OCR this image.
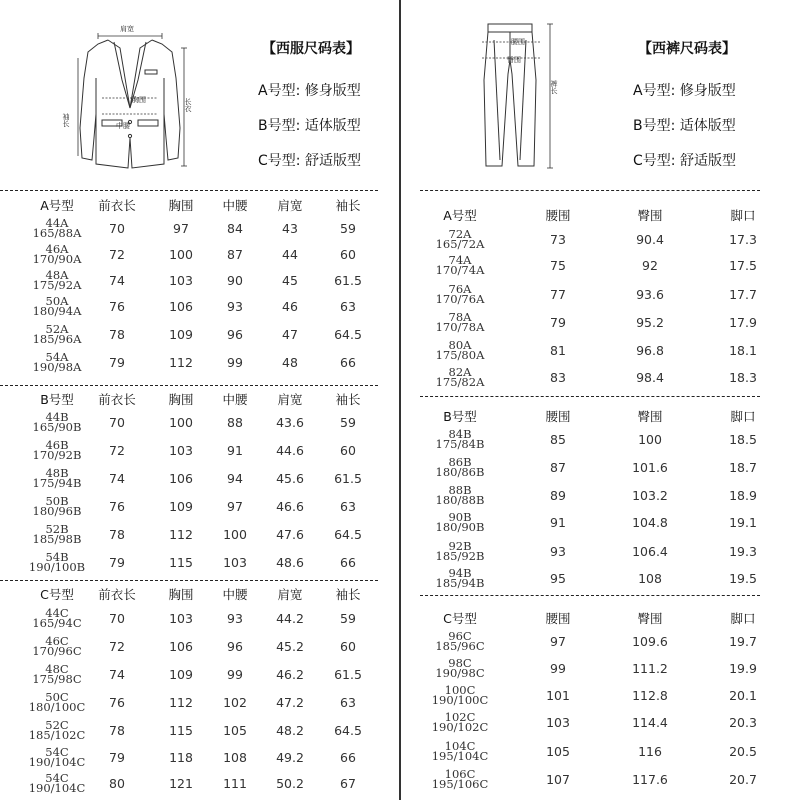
肩宽
袖长
长衣
胸围
中腰
腰围
臀围
裤长
【西服尺码表】
A号型: 修身版型
B号型: 适体版型
C号型: 舒适版型
【西裤尺码表】
A号型: 修身版型
B号型: 适体版型
C号型: 舒适版型
A号型	前衣长	胸围	中腰	肩宽	袖长
44A
165/88A	70	97	84	43	59
46A
170/90A	72	100	87	44	60
48A
175/92A	74	103	90	45	61.5
50A
180/94A	76	106	93	46	63
52A
185/96A	78	109	96	47	64.5
54A
190/98A	79	112	99	48	66
B号型	前衣长	胸围	中腰	肩宽	袖长
44B
165/90B	70	100	88	43.6	59
46B
170/92B	72	103	91	44.6	60
48B
175/94B	74	106	94	45.6	61.5
50B
180/96B	76	109	97	46.6	63
52B
185/98B	78	112	100	47.6	64.5
54B
190/100B	79	115	103	48.6	66
C号型	前衣长	胸围	中腰	肩宽	袖长
44C
165/94C	70	103	93	44.2	59
46C
170/96C	72	106	96	45.2	60
48C
175/98C	74	109	99	46.2	61.5
50C
180/100C	76	112	102	47.2	63
52C
185/102C	78	115	105	48.2	64.5
54C
190/104C	79	118	108	49.2	66
54C
190/104C	80	121	111	50.2	67
A号型	腰围	臀围	脚口
72A
165/72A	73	90.4	17.3
74A
170/74A	75	92	17.5
76A
170/76A	77	93.6	17.7
78A
170/78A	79	95.2	17.9
80A
175/80A	81	96.8	18.1
82A
175/82A	83	98.4	18.3
B号型	腰围	臀围	脚口
84B
175/84B	85	100	18.5
86B
180/86B	87	101.6	18.7
88B
180/88B	89	103.2	18.9
90B
180/90B	91	104.8	19.1
92B
185/92B	93	106.4	19.3
94B
185/94B	95	108	19.5
C号型	腰围	臀围	脚口
96C
185/96C	97	109.6	19.7
98C
190/98C	99	111.2	19.9
100C
190/100C	101	112.8	20.1
102C
190/102C	103	114.4	20.3
104C
195/104C	105	116	20.5
106C
195/106C	107	117.6	20.7
